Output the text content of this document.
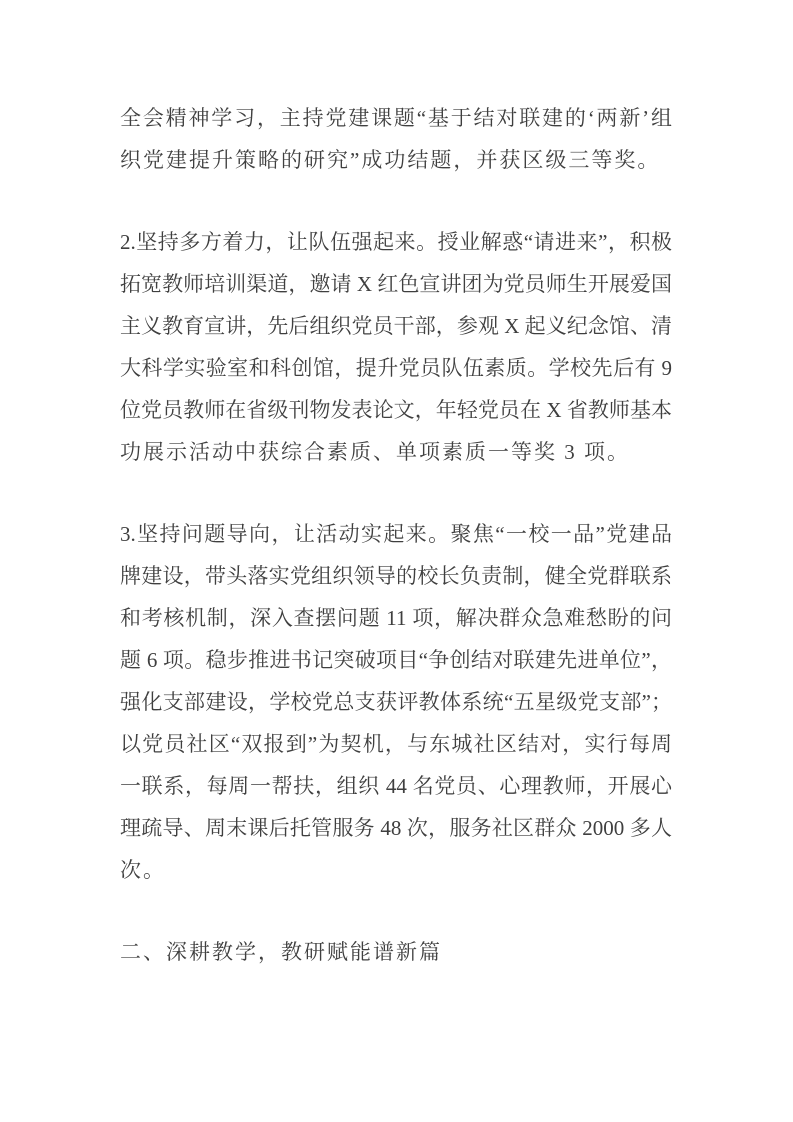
全会精神学习，主持党建课题“基于结对联建的‘两新’组
织党建提升策略的研究”成功结题，并获区级三等奖。
2.坚持多方着力，让队伍强起来。授业解惑“请进来”，积极
拓宽教师培训渠道，邀请 X 红色宣讲团为党员师生开展爱国
主义教育宣讲，先后组织党员干部，参观 X 起义纪念馆、清
大科学实验室和科创馆，提升党员队伍素质。学校先后有 9
位党员教师在省级刊物发表论文，年轻党员在 X 省教师基本
功展示活动中获综合素质、单项素质一等奖 3 项。
3.坚持问题导向，让活动实起来。聚焦“一校一品”党建品
牌建设，带头落实党组织领导的校长负责制，健全党群联系
和考核机制，深入查摆问题 11 项，解决群众急难愁盼的问
题 6 项。稳步推进书记突破项目“争创结对联建先进单位”，
强化支部建设，学校党总支获评教体系统“五星级党支部”；
以党员社区“双报到”为契机，与东城社区结对，实行每周
一联系，每周一帮扶，组织 44 名党员、心理教师，开展心
理疏导、周末课后托管服务 48 次，服务社区群众 2000 多人
次。
二、深耕教学，教研赋能谱新篇
